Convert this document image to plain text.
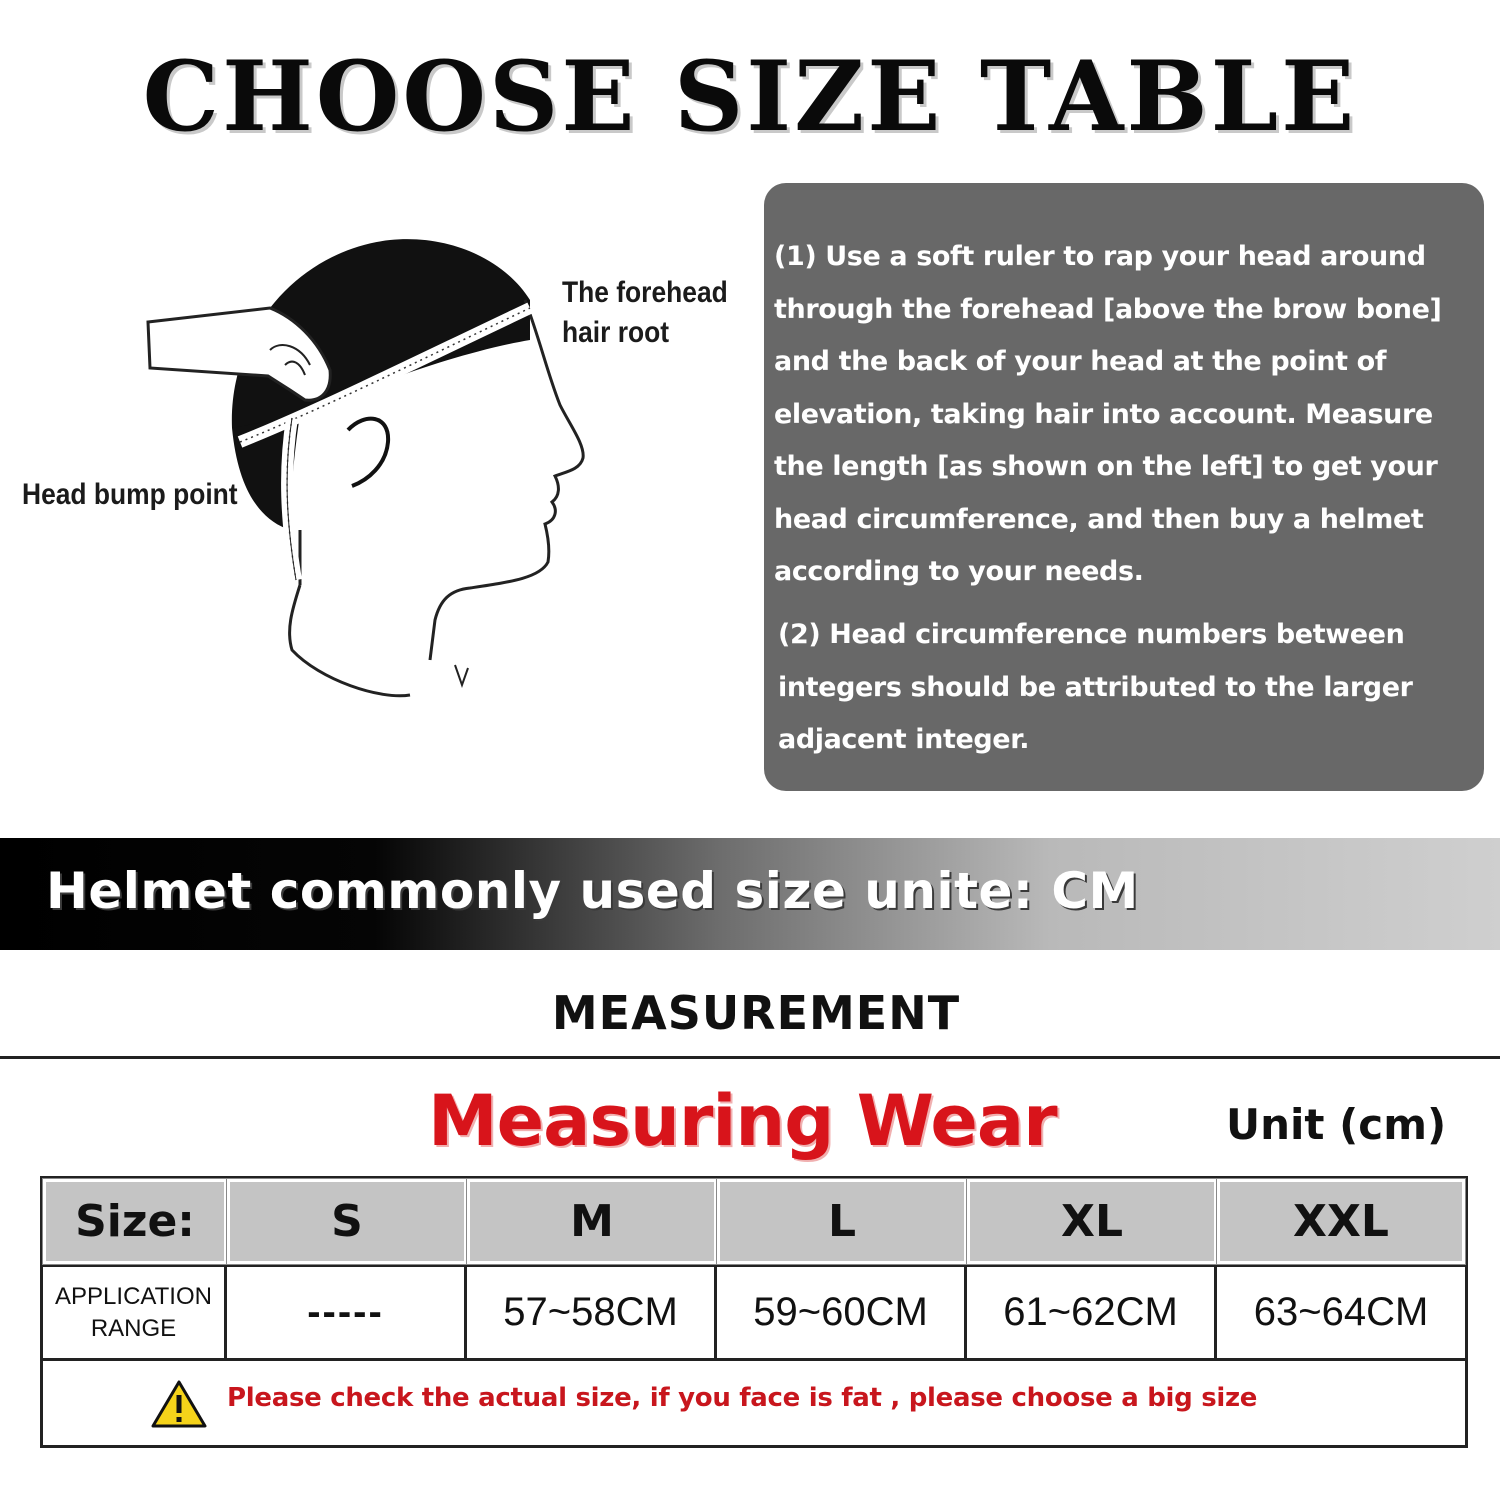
CHOOSE SIZE TABLE
The forehead
hair root
Head bump point
(1) Use a soft ruler to rap your head around
through the forehead [above the brow bone]
and the back of your head at the point of
elevation, taking hair into account. Measure
the length [as shown on the left] to get your
head circumference, and then buy a helmet
according to your needs.
(2) Head circumference numbers between
integers should be attributed to the larger
adjacent integer.
Helmet commonly used size unite: CM
MEASUREMENT
Measuring Wear	Unit (cm)
Size:	S	M	L	XL	XXL
APPLICATION
RANGE	-----	57~58CM	59~60CM	61~62CM	63~64CM
Please check the actual size, if you face is fat , please choose a big size
